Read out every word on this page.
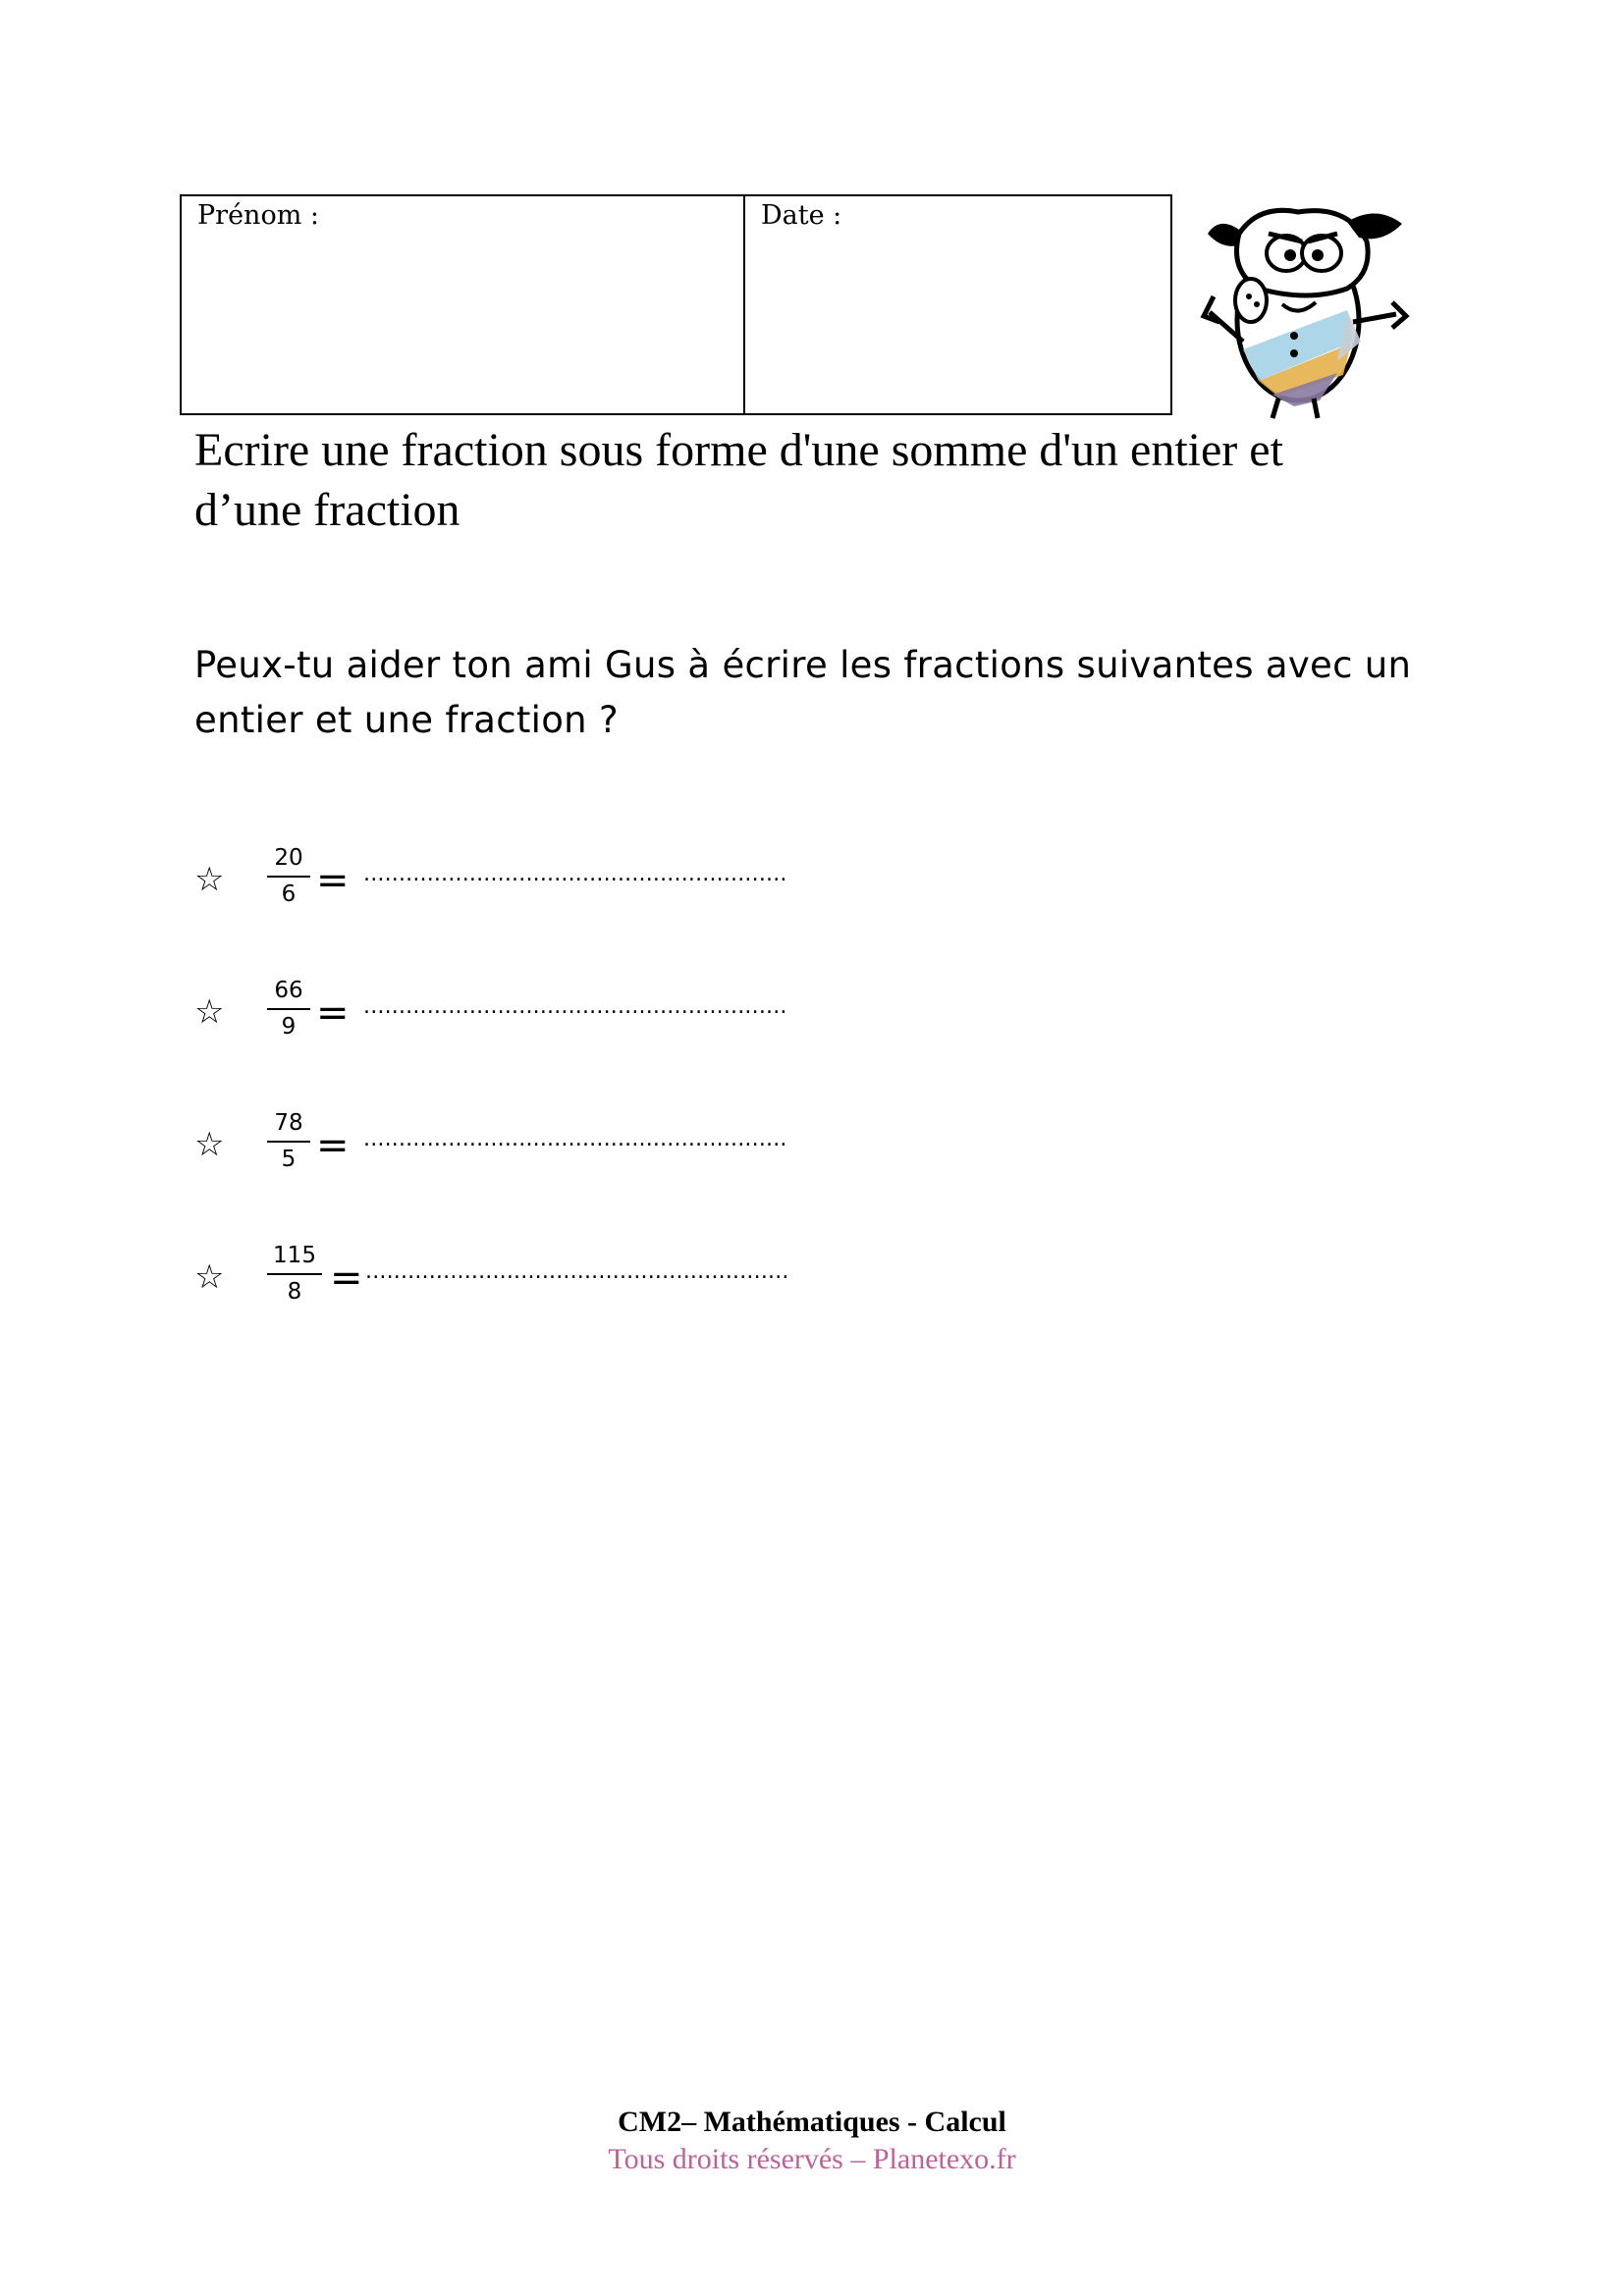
Prénom :	Date :
Ecrire une fraction sous forme d'une somme d'un entier et d’une fraction
Peux-tu aider ton ami Gus à écrire les fractions suivantes avec un entier et une fraction ?
☆ $\frac{20}{6}$ = ............................................................
☆ $\frac{66}{9}$ = ............................................................
☆ $\frac{78}{5}$ = ............................................................
☆ $\frac{115}{8}$ = ............................................................
CM2– Mathématiques - Calcul
Tous droits réservés – Planetexo.fr
